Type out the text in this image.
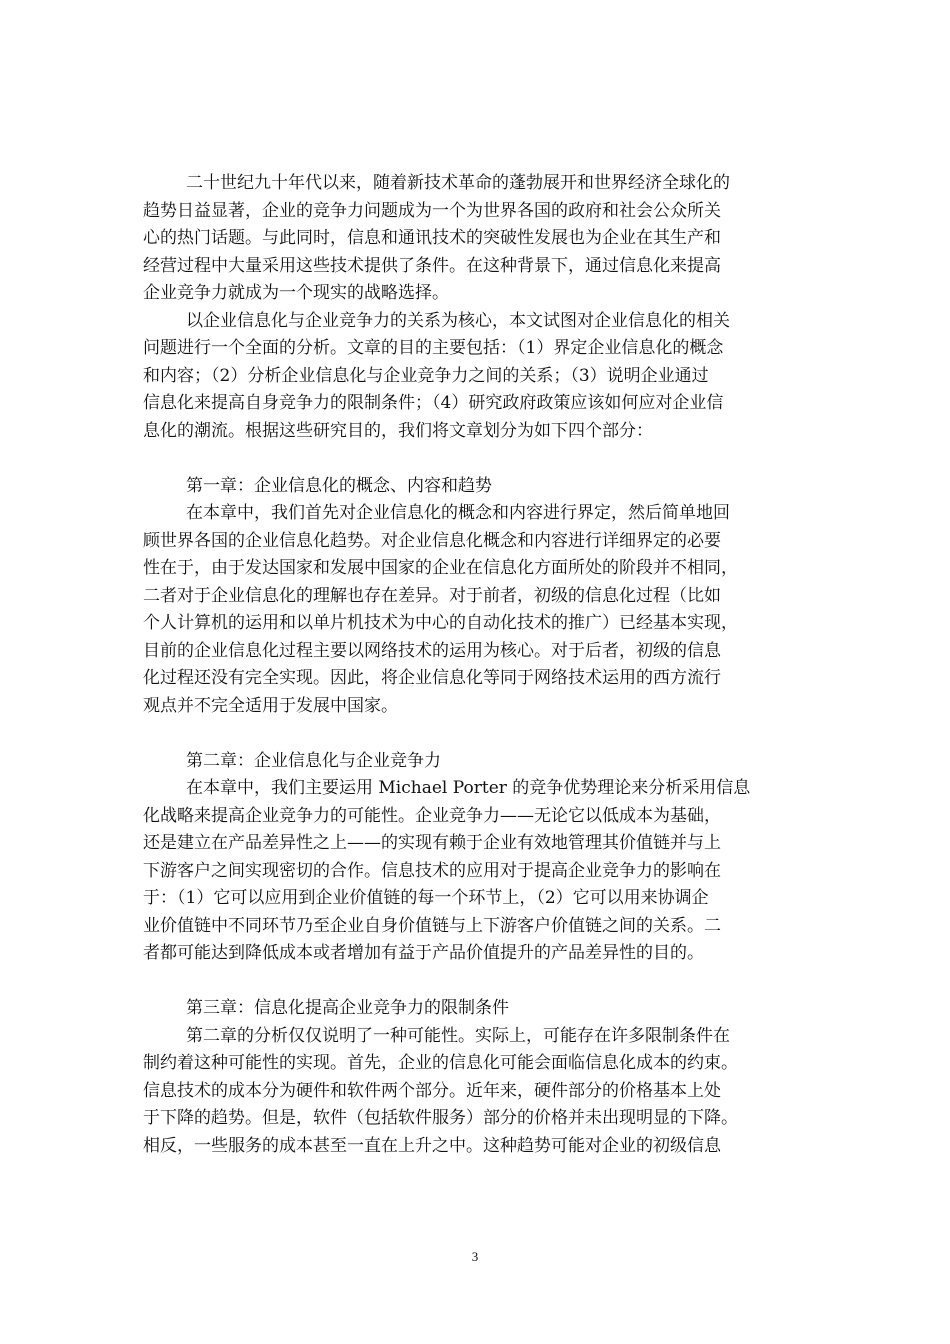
二十世纪九十年代以来，随着新技术革命的蓬勃展开和世界经济全球化的
趋势日益显著，企业的竞争力问题成为一个为世界各国的政府和社会公众所关
心的热门话题。与此同时，信息和通讯技术的突破性发展也为企业在其生产和
经营过程中大量采用这些技术提供了条件。在这种背景下，通过信息化来提高
企业竞争力就成为一个现实的战略选择。
以企业信息化与企业竞争力的关系为核心，本文试图对企业信息化的相关
问题进行一个全面的分析。文章的目的主要包括：（1）界定企业信息化的概念
和内容；（2）分析企业信息化与企业竞争力之间的关系；（3）说明企业通过
信息化来提高自身竞争力的限制条件；（4）研究政府政策应该如何应对企业信
息化的潮流。根据这些研究目的，我们将文章划分为如下四个部分：
第一章：企业信息化的概念、内容和趋势
在本章中，我们首先对企业信息化的概念和内容进行界定，然后简单地回
顾世界各国的企业信息化趋势。对企业信息化概念和内容进行详细界定的必要
性在于，由于发达国家和发展中国家的企业在信息化方面所处的阶段并不相同，
二者对于企业信息化的理解也存在差异。对于前者，初级的信息化过程（比如
个人计算机的运用和以单片机技术为中心的自动化技术的推广）已经基本实现，
目前的企业信息化过程主要以网络技术的运用为核心。对于后者，初级的信息
化过程还没有完全实现。因此，将企业信息化等同于网络技术运用的西方流行
观点并不完全适用于发展中国家。
第二章：企业信息化与企业竞争力
在本章中，我们主要运用 Michael Porter 的竞争优势理论来分析采用信息
化战略来提高企业竞争力的可能性。企业竞争力——无论它以低成本为基础，
还是建立在产品差异性之上——的实现有赖于企业有效地管理其价值链并与上
下游客户之间实现密切的合作。信息技术的应用对于提高企业竞争力的影响在
于：（1）它可以应用到企业价值链的每一个环节上，（2）它可以用来协调企
业价值链中不同环节乃至企业自身价值链与上下游客户价值链之间的关系。二
者都可能达到降低成本或者增加有益于产品价值提升的产品差异性的目的。
第三章：信息化提高企业竞争力的限制条件
第二章的分析仅仅说明了一种可能性。实际上，可能存在许多限制条件在
制约着这种可能性的实现。首先，企业的信息化可能会面临信息化成本的约束。
信息技术的成本分为硬件和软件两个部分。近年来，硬件部分的价格基本上处
于下降的趋势。但是，软件（包括软件服务）部分的价格并未出现明显的下降。
相反，一些服务的成本甚至一直在上升之中。这种趋势可能对企业的初级信息
3
